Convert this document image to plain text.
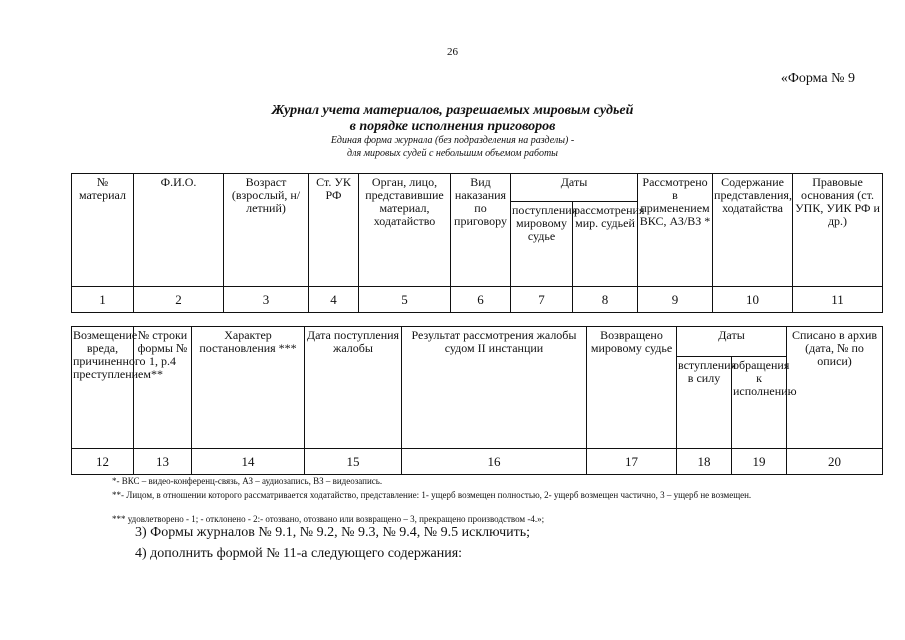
26
«Форма № 9
Журнал учета материалов, разрешаемых мировым судьей
в порядке исполнения приговоров
Единая форма журнала (без подразделения на разделы) -
для мировых судей с небольшим объемом работы
№ материал	Ф.И.О.	Возраст (взрослый, н/летний)	Ст. УК РФ	Орган, лицо, представившие материал, ходатайство	Вид наказания по приговору	Даты		Рассмотрено в применением ВКС, АЗ/ВЗ *	Содержание представления, ходатайства	Правовые основания (ст. УПК, УИК РФ и др.)
						поступления мировому судье	рассмотрения мир. судьей			
1	2	3	4	5	6	7	8	9	10	11
Возмещение вреда, причиненного преступлением**	№ строки формы № 1, р.4	Характер постановления ***	Дата поступления жалобы	Результат рассмотрения жалобы судом II инстанции	Возвращено мировому судье	Даты		Списано в архив (дата, № по описи)
						вступления в силу	обращения к исполнению	
12	13	14	15	16	17	18	19	20
*- ВКС – видео-конференц-связь, АЗ – аудиозапись, ВЗ – видеозапись.
**- Лицом, в отношении которого рассматривается ходатайство, представление: 1- ущерб возмещен полностью, 2- ущерб возмещен частично, 3 – ущерб не возмещен.
*** удовлетворено - 1; - отклонено - 2:- отозвано, отозвано или возвращено – 3, прекращено производством -4.»;
3) Формы журналов № 9.1, № 9.2, № 9.3, № 9.4, № 9.5 исключить;
4) дополнить формой № 11-а следующего содержания:
